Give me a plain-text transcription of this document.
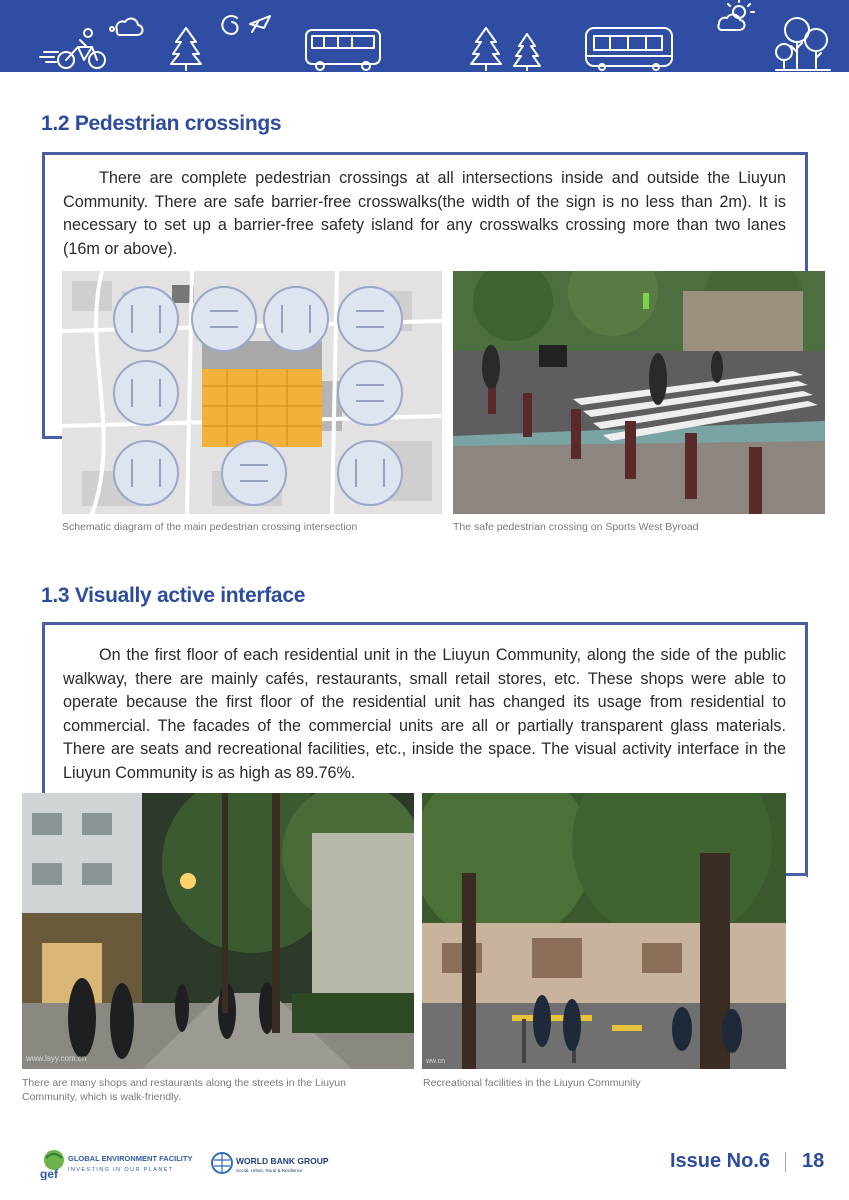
1.2 Pedestrian crossings

There are complete pedestrian crossings at all intersections inside and outside the Liuyun Community. There are safe barrier-free crosswalks(the width of the sign is no less than 2m). It is necessary to set up a barrier-free safety island for any crosswalks crossing more than two lanes (16m or above).

Schematic diagram of the main pedestrian crossing intersection	The safe pedestrian crossing on Sports West Byroad

1.3 Visually active interface

On the first floor of each residential unit in the Liuyun Community, along the side of the public walkway, there are mainly cafés, restaurants, small retail stores, etc. These shops were able to operate because the first floor of the residential unit has changed its usage from residential to commercial. The facades of the commercial units are all or partially transparent glass materials. There are seats and recreational facilities, etc., inside the space. The visual activity interface in the Liuyun Community is as high as 89.76%.

www.lsyy.com.cn	ww.cn

There are many shops and restaurants along the streets in the Liuyun Community, which is walk-friendly.

Recreational facilities in the Liuyun Community

gef
GLOBAL ENVIRONMENT FACILITY
INVESTING IN OUR PLANET
WORLD BANK GROUP
Social, Urban, Rural & Resilience	Issue No.6 18
